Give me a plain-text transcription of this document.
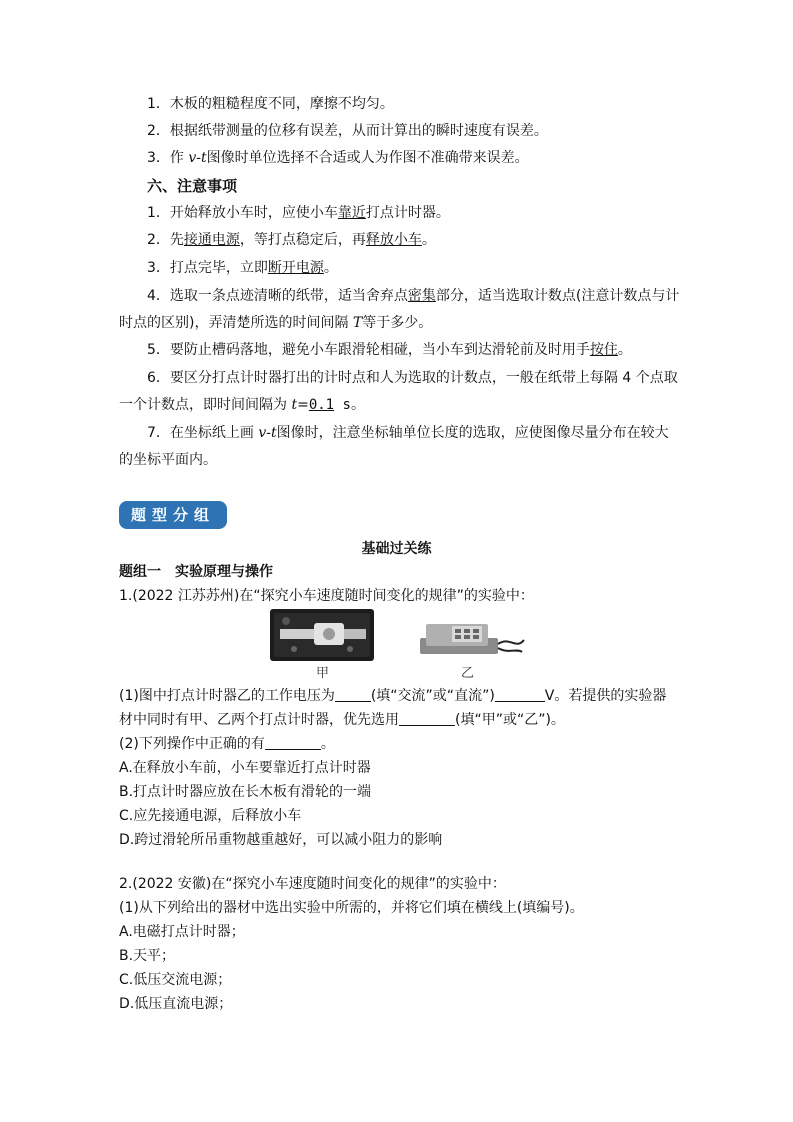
1．木板的粗糙程度不同，摩擦不均匀。
2．根据纸带测量的位移有误差，从而计算出的瞬时速度有误差。
3．作 v-t图像时单位选择不合适或人为作图不准确带来误差。
六、注意事项
1．开始释放小车时，应使小车靠近打点计时器。
2．先接通电源，等打点稳定后，再释放小车。
3．打点完毕，立即断开电源。
4．选取一条点迹清晰的纸带，适当舍弃点密集部分，适当选取计数点(注意计数点与计
时点的区别)，弄清楚所选的时间间隔 T等于多少。
5．要防止槽码落地，避免小车跟滑轮相碰，当小车到达滑轮前及时用手按住。
6．要区分打点计时器打出的计时点和人为选取的计数点，一般在纸带上每隔 4 个点取
一个计数点，即时间间隔为 t=0.1 s。
7．在坐标纸上画 v-t图像时，注意坐标轴单位长度的选取，应使图像尽量分布在较大
的坐标平面内。
题型分组
基础过关练
题组一　实验原理与操作
1.(2022 江苏苏州)在“探究小车速度随时间变化的规律”的实验中：
甲	乙
(1)图中打点计时器乙的工作电压为	(填“交流”或“直流”)	V。若提供的实验器
材中同时有甲、乙两个打点计时器，优先选用	(填“甲”或“乙”)。
(2)下列操作中正确的有	。
A.在释放小车前，小车要靠近打点计时器
B.打点计时器应放在长木板有滑轮的一端
C.应先接通电源，后释放小车
D.跨过滑轮所吊重物越重越好，可以减小阻力的影响
2.(2022 安徽)在“探究小车速度随时间变化的规律”的实验中：
(1)从下列给出的器材中选出实验中所需的，并将它们填在横线上(填编号)。
A.电磁打点计时器；
B.天平；
C.低压交流电源；
D.低压直流电源；
